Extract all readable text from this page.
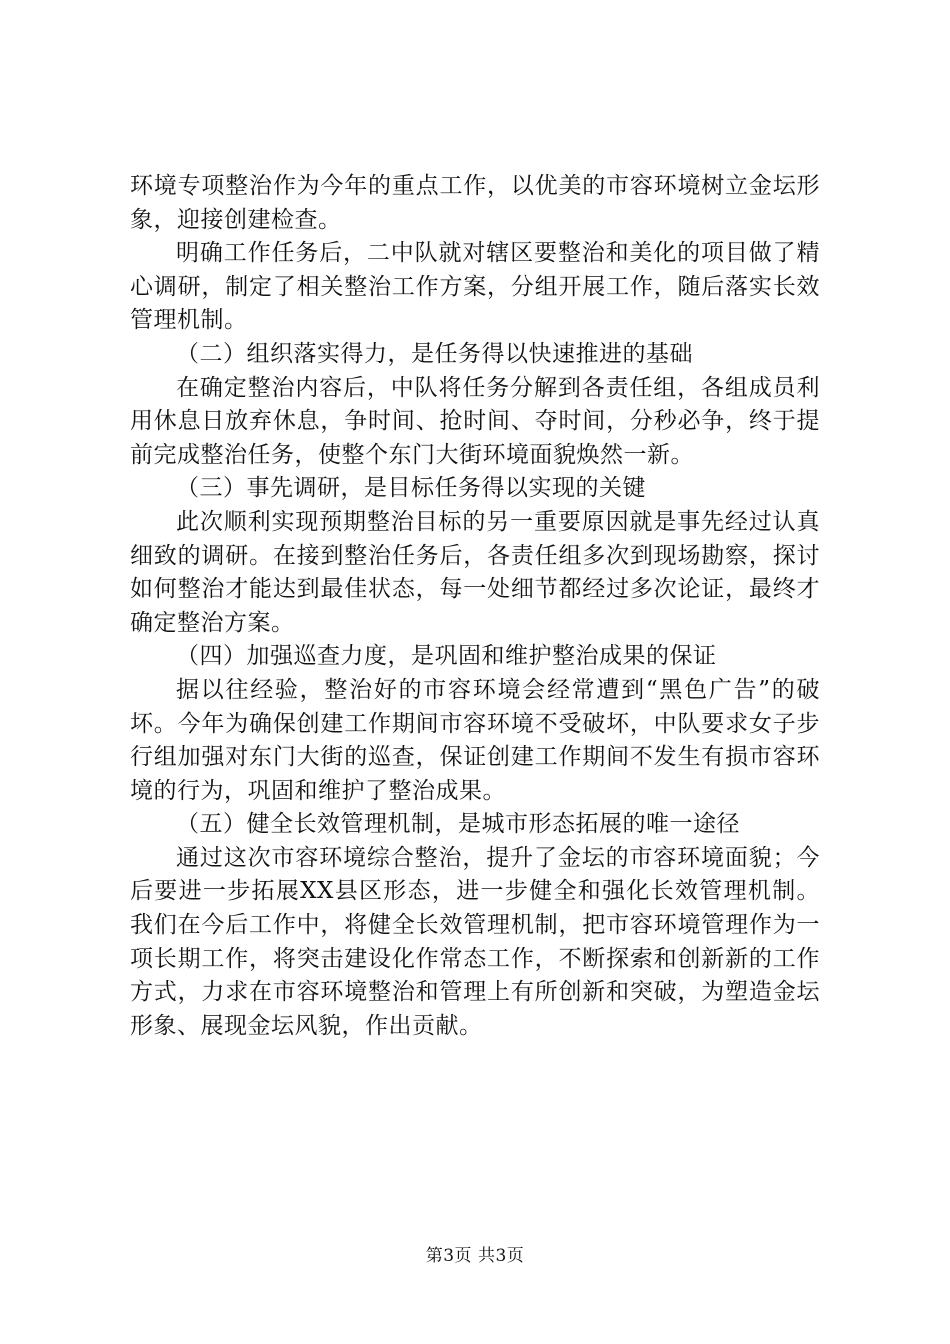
环境专项整治作为今年的重点工作，以优美的市容环境树立金坛形象，迎接创建检查。

明确工作任务后，二中队就对辖区要整治和美化的项目做了精心调研，制定了相关整治工作方案，分组开展工作，随后落实长效管理机制。

（二）组织落实得力，是任务得以快速推进的基础

在确定整治内容后，中队将任务分解到各责任组，各组成员利用休息日放弃休息，争时间、抢时间、夺时间，分秒必争，终于提前完成整治任务，使整个东门大街环境面貌焕然一新。

（三）事先调研，是目标任务得以实现的关键

此次顺利实现预期整治目标的另一重要原因就是事先经过认真细致的调研。在接到整治任务后，各责任组多次到现场勘察，探讨如何整治才能达到最佳状态，每一处细节都经过多次论证，最终才确定整治方案。

（四）加强巡查力度，是巩固和维护整治成果的保证

据以往经验，整治好的市容环境会经常遭到“黑色广告”的破坏。今年为确保创建工作期间市容环境不受破坏，中队要求女子步行组加强对东门大街的巡查，保证创建工作期间不发生有损市容环境的行为，巩固和维护了整治成果。

（五）健全长效管理机制，是城市形态拓展的唯一途径

通过这次市容环境综合整治，提升了金坛的市容环境面貌；今后要进一步拓展XX县区形态，进一步健全和强化长效管理机制。我们在今后工作中，将健全长效管理机制，把市容环境管理作为一项长期工作，将突击建设化作常态工作，不断探索和创新新的工作方式，力求在市容环境整治和管理上有所创新和突破，为塑造金坛形象、展现金坛风貌，作出贡献。

第3页 共3页
